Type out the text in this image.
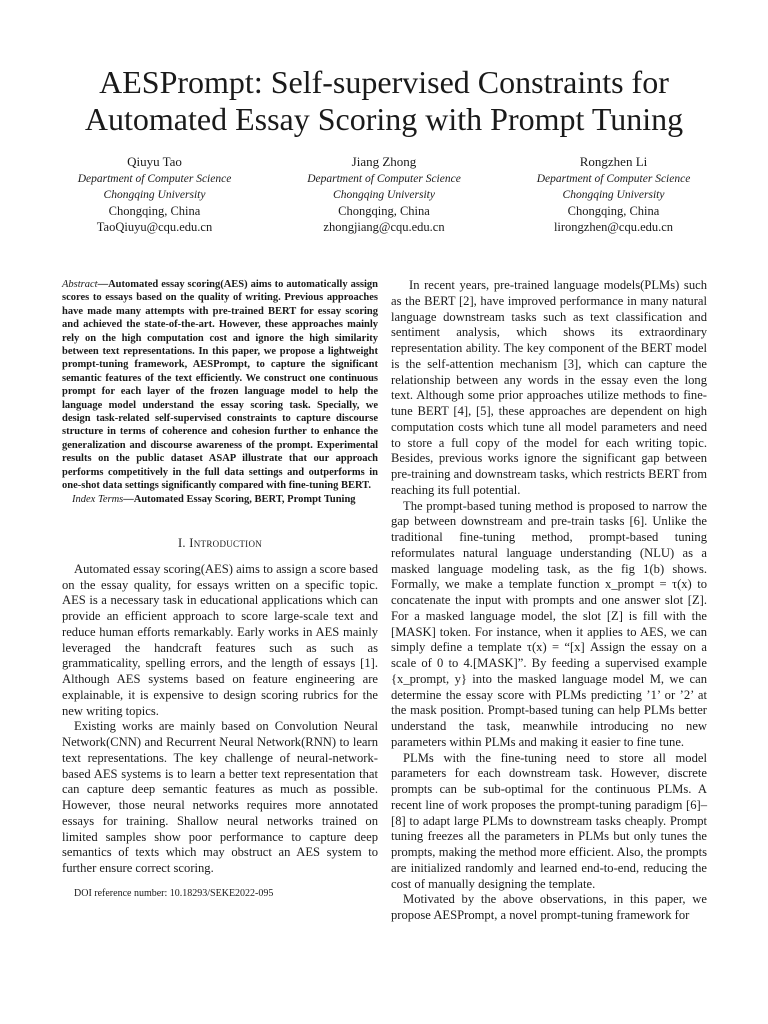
AESPrompt: Self-supervised Constraints for
Automated Essay Scoring with Prompt Tuning
Qiuyu Tao
Department of Computer Science
Chongqing University
Chongqing, China
TaoQiuyu@cqu.edu.cn
Jiang Zhong
Department of Computer Science
Chongqing University
Chongqing, China
zhongjiang@cqu.edu.cn
Rongzhen Li
Department of Computer Science
Chongqing University
Chongqing, China
lirongzhen@cqu.edu.cn

Abstract—Automated essay scoring(AES) aims to automatically assign scores to essays based on the quality of writing. Previous approaches have made many attempts with pre-trained BERT for essay scoring and achieved the state-of-the-art. However, these approaches mainly rely on the high computation cost and ignore the high similarity between text representations. In this paper, we propose a lightweight prompt-tuning framework, AESPrompt, to capture the significant semantic features of the text efficiently. We construct one continuous prompt for each layer of the frozen language model to help the language model understand the essay scoring task. Specially, we design task-related self-supervised constraints to capture discourse structure in terms of coherence and cohesion further to enhance the generalization and discourse awareness of the prompt. Experimental results on the public dataset ASAP illustrate that our approach performs competitively in the full data settings and outperforms in one-shot data settings significantly compared with fine-tuning BERT.

Index Terms—Automated Essay Scoring, BERT, Prompt Tuning

I. Introduction

Automated essay scoring(AES) aims to assign a score based on the essay quality, for essays written on a specific topic. AES is a necessary task in educational applications which can provide an efficient approach to score large-scale text and reduce human efforts remarkably. Early works in AES mainly leveraged the handcraft features such as such as grammaticality, spelling errors, and the length of essays [1]. Although AES systems based on feature engineering are explainable, it is expensive to design scoring rubrics for the new writing topics.

Existing works are mainly based on Convolution Neural Network(CNN) and Recurrent Neural Network(RNN) to learn text representations. The key challenge of neural-network-based AES systems is to learn a better text representation that can capture deep semantic features as much as possible. However, those neural networks requires more annotated essays for training. Shallow neural networks trained on limited samples show poor performance to capture deep semantics of texts which may obstruct an AES system to further ensure correct scoring.

DOI reference number: 10.18293/SEKE2022-095

In recent years, pre-trained language models(PLMs) such as the BERT [2], have improved performance in many natural language downstream tasks such as text classification and sentiment analysis, which shows its extraordinary representation ability. The key component of the BERT model is the self-attention mechanism [3], which can capture the relationship between any words in the essay even the long text. Although some prior approaches utilize methods to fine-tune BERT [4], [5], these approaches are dependent on high computation costs which tune all model parameters and need to store a full copy of the model for each writing topic. Besides, previous works ignore the significant gap between pre-training and downstream tasks, which restricts BERT from reaching its full potential.

The prompt-based tuning method is proposed to narrow the gap between downstream and pre-train tasks [6]. Unlike the traditional fine-tuning method, prompt-based tuning reformulates natural language understanding (NLU) as a masked language modeling task, as the fig 1(b) shows. Formally, we make a template function x_prompt = τ(x) to concatenate the input with prompts and one answer slot [Z]. For a masked language model, the slot [Z] is fill with the [MASK] token. For instance, when it applies to AES, we can simply define a template τ(x) = “[x] Assign the essay on a scale of 0 to 4.[MASK]”. By feeding a supervised example {x_prompt, y} into the masked language model M, we can determine the essay score with PLMs predicting ’1’ or ’2’ at the mask position. Prompt-based tuning can help PLMs better understand the task, meanwhile introducing no new parameters within PLMs and making it easier to fine tune.

PLMs with the fine-tuning need to store all model parameters for each downstream task. However, discrete prompts can be sub-optimal for the continuous PLMs. A recent line of work proposes the prompt-tuning paradigm [6]–[8] to adapt large PLMs to downstream tasks cheaply. Prompt tuning freezes all the parameters in PLMs but only tunes the prompts, making the method more efficient. Also, the prompts are initialized randomly and learned end-to-end, reducing the cost of manually designing the template.

Motivated by the above observations, in this paper, we propose AESPrompt, a novel prompt-tuning framework for
